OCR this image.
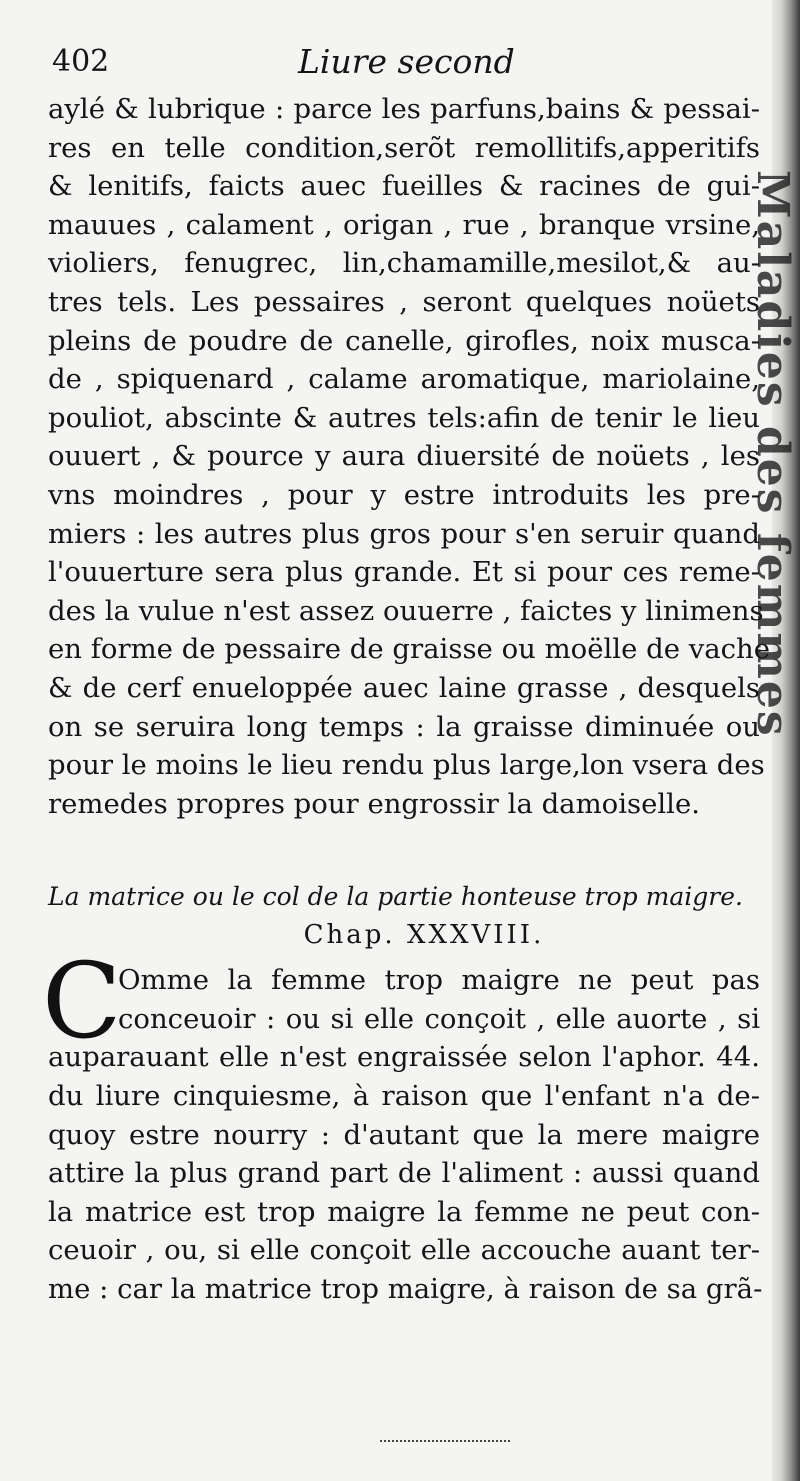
Maladies des femmes
402	Liure second
aylé & lubrique : parce les parfuns,bains & pessai-
res en telle condition,serõt remollitifs,apperitifs
& lenitifs, faicts auec fueilles & racines de gui-
mauues , calament , origan , rue , branque vrsine,
violiers, fenugrec, lin,chamamille,mesilot,& au-
tres tels. Les pessaires , seront quelques noüets
pleins de poudre de canelle, girofles, noix musca-
de , spiquenard , calame aromatique, mariolaine,
pouliot, abscinte & autres tels:afin de tenir le lieu
ouuert , & pource y aura diuersité de noüets , les
vns moindres , pour y estre introduits les pre-
miers : les autres plus gros pour s'en seruir quand
l'ouuerture sera plus grande. Et si pour ces reme-
des la vulue n'est assez ouuerre , faictes y linimens
en forme de pessaire de graisse ou moëlle de vache
& de cerf enueloppée auec laine grasse , desquels
on se seruira long temps : la graisse diminuée ou
pour le moins le lieu rendu plus large,lon vsera des
remedes propres pour engrossir la damoiselle.
La matrice ou le col de la partie honteuse trop maigre.
Chap. XXXVIII.
C
Omme la femme trop maigre ne peut pas
conceuoir : ou si elle conçoit , elle auorte , si
auparauant elle n'est engraissée selon l'aphor. 44.
du liure cinquiesme, à raison que l'enfant n'a de-
quoy estre nourry : d'autant que la mere maigre
attire la plus grand part de l'aliment : aussi quand
la matrice est trop maigre la femme ne peut con-
ceuoir , ou, si elle conçoit elle accouche auant ter-
me : car la matrice trop maigre, à raison de sa grã-
